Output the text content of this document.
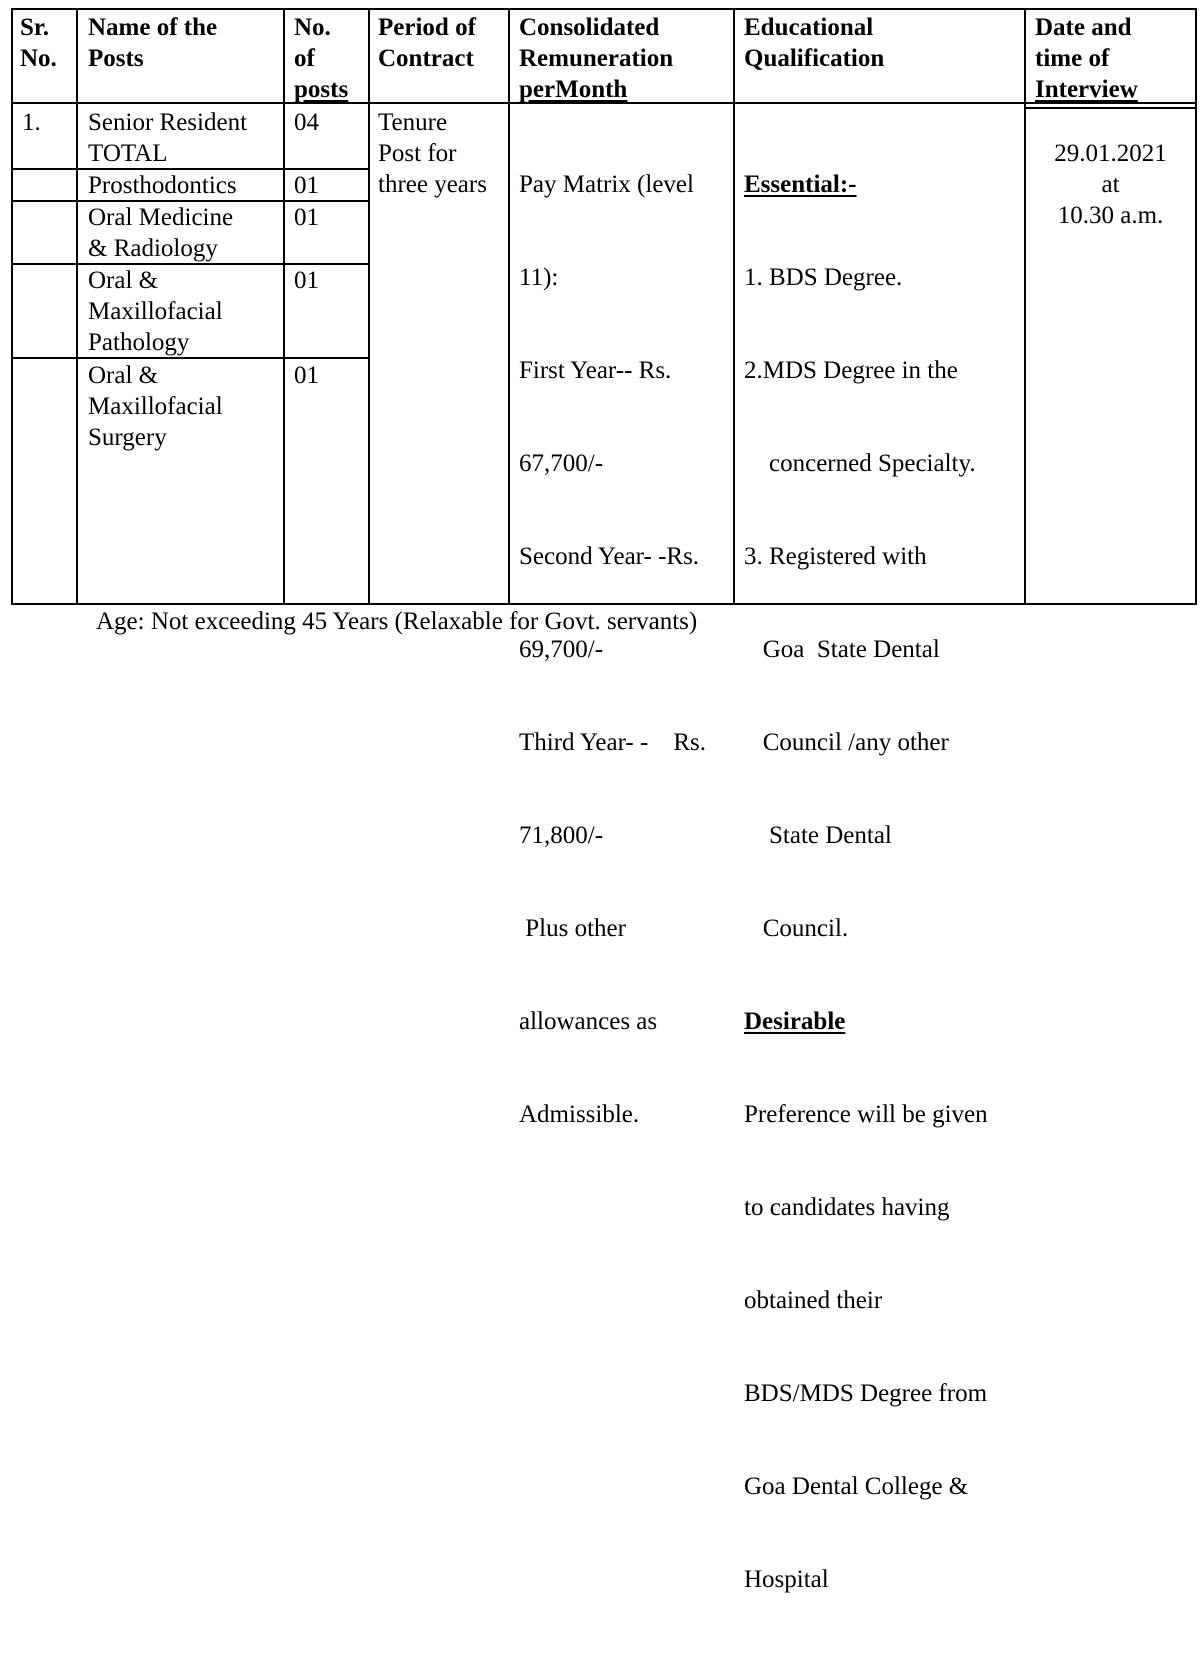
Sr.
No.
Name of the
Posts
No.
of
posts
Period of
Contract
Consolidated
Remuneration
perMonth
Educational
Qualification
Date and
time of
Interview
1. Senior Resident
TOTAL
Prosthodontics
Oral Medicine
& Radiology
Oral &
Maxillofacial
Pathology
Oral &
Maxillofacial
Surgery
04
01
01
01
01
Tenure
Post for
three years

Pay Matrix (level

11):

First Year-- Rs.

67,700/-

Second Year- -Rs.

69,700/-

Third Year- -    Rs.

71,800/-

Plus other

allowances as

Admissible.

Essential:-

1. BDS Degree.

2.MDS Degree in the

concerned Specialty.

3. Registered with

Goa  State Dental

Council /any other

State Dental

Council.

Desirable

Preference will be given

to candidates having

obtained their

BDS/MDS Degree from

Goa Dental College &

Hospital

29.01.2021
at
10.30 a.m.
Age: Not exceeding 45 Years (Relaxable for Govt. servants)
